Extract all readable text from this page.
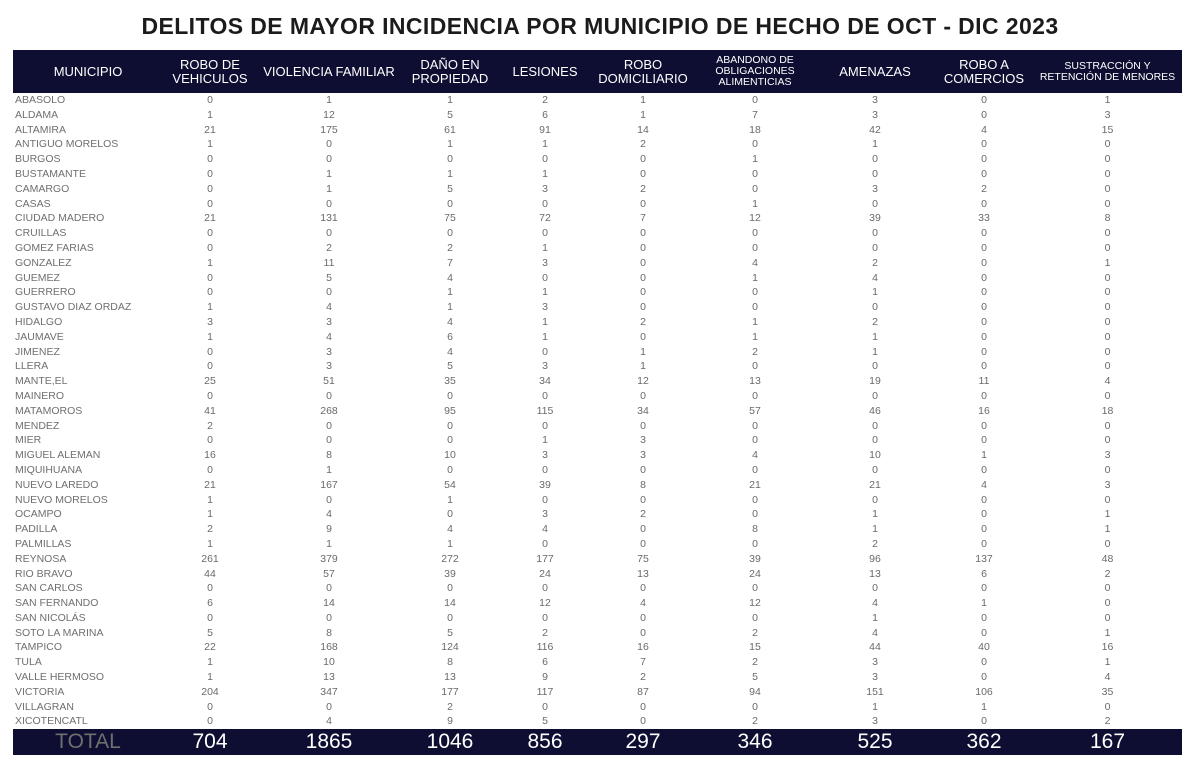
DELITOS DE MAYOR INCIDENCIA POR MUNICIPIO DE HECHO DE OCT - DIC 2023
MUNICIPIO	ROBO DE VEHICULOS	VIOLENCIA FAMILIAR	DAÑO EN PROPIEDAD	LESIONES	ROBO DOMICILIARIO	ABANDONO DE OBLIGACIONES ALIMENTICIAS	AMENAZAS	ROBO A COMERCIOS	SUSTRACCIÓN Y RETENCIÓN DE MENORES
ABASOLO	0	1	1	2	1	0	3	0	1
ALDAMA	1	12	5	6	1	7	3	0	3
ALTAMIRA	21	175	61	91	14	18	42	4	15
ANTIGUO MORELOS	1	0	1	1	2	0	1	0	0
BURGOS	0	0	0	0	0	1	0	0	0
BUSTAMANTE	0	1	1	1	0	0	0	0	0
CAMARGO	0	1	5	3	2	0	3	2	0
CASAS	0	0	0	0	0	1	0	0	0
CIUDAD MADERO	21	131	75	72	7	12	39	33	8
CRUILLAS	0	0	0	0	0	0	0	0	0
GOMEZ FARIAS	0	2	2	1	0	0	0	0	0
GONZALEZ	1	11	7	3	0	4	2	0	1
GUEMEZ	0	5	4	0	0	1	4	0	0
GUERRERO	0	0	1	1	0	0	1	0	0
GUSTAVO DIAZ ORDAZ	1	4	1	3	0	0	0	0	0
HIDALGO	3	3	4	1	2	1	2	0	0
JAUMAVE	1	4	6	1	0	1	1	0	0
JIMENEZ	0	3	4	0	1	2	1	0	0
LLERA	0	3	5	3	1	0	0	0	0
MANTE,EL	25	51	35	34	12	13	19	11	4
MAINERO	0	0	0	0	0	0	0	0	0
MATAMOROS	41	268	95	115	34	57	46	16	18
MENDEZ	2	0	0	0	0	0	0	0	0
MIER	0	0	0	1	3	0	0	0	0
MIGUEL ALEMAN	16	8	10	3	3	4	10	1	3
MIQUIHUANA	0	1	0	0	0	0	0	0	0
NUEVO LAREDO	21	167	54	39	8	21	21	4	3
NUEVO MORELOS	1	0	1	0	0	0	0	0	0
OCAMPO	1	4	0	3	2	0	1	0	1
PADILLA	2	9	4	4	0	8	1	0	1
PALMILLAS	1	1	1	0	0	0	2	0	0
REYNOSA	261	379	272	177	75	39	96	137	48
RIO BRAVO	44	57	39	24	13	24	13	6	2
SAN CARLOS	0	0	0	0	0	0	0	0	0
SAN FERNANDO	6	14	14	12	4	12	4	1	0
SAN NICOLÁS	0	0	0	0	0	0	1	0	0
SOTO LA MARINA	5	8	5	2	0	2	4	0	1
TAMPICO	22	168	124	116	16	15	44	40	16
TULA	1	10	8	6	7	2	3	0	1
VALLE HERMOSO	1	13	13	9	2	5	3	0	4
VICTORIA	204	347	177	117	87	94	151	106	35
VILLAGRAN	0	0	2	0	0	0	1	1	0
XICOTENCATL	0	4	9	5	0	2	3	0	2
TOTAL	704	1865	1046	856	297	346	525	362	167
